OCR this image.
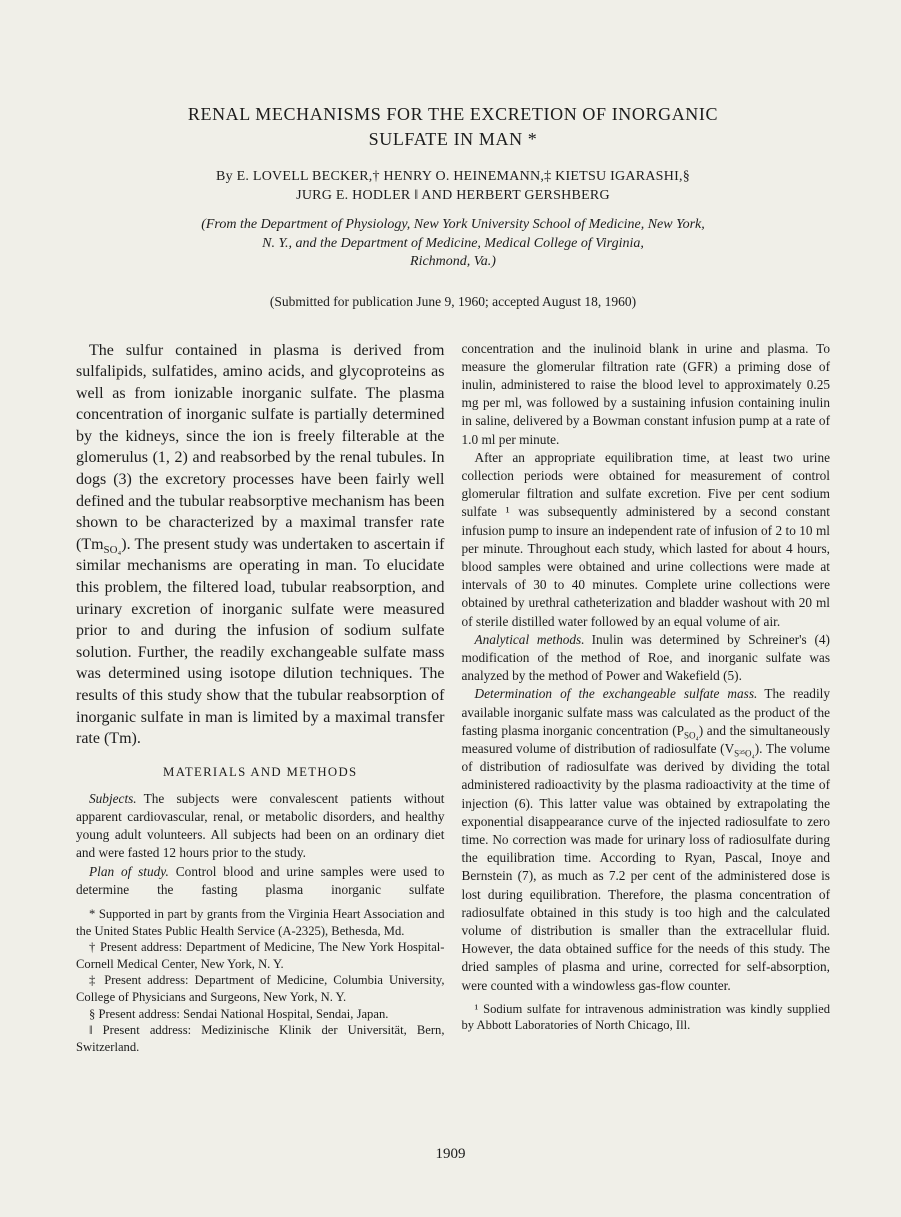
RENAL MECHANISMS FOR THE EXCRETION OF INORGANIC
SULFATE IN MAN *
By E. LOVELL BECKER,† HENRY O. HEINEMANN,‡ KIETSU IGARASHI,§
JURG E. HODLER ‖ AND HERBERT GERSHBERG
(From the Department of Physiology, New York University School of Medicine, New York,
N. Y., and the Department of Medicine, Medical College of Virginia,
Richmond, Va.)
(Submitted for publication June 9, 1960; accepted August 18, 1960)

The sulfur contained in plasma is derived from sulfalipids, sulfatides, amino acids, and glycoproteins as well as from ionizable inorganic sulfate. The plasma concentration of inorganic sulfate is partially determined by the kidneys, since the ion is freely filterable at the glomerulus (1, 2) and reabsorbed by the renal tubules. In dogs (3) the excretory processes have been fairly well defined and the tubular reabsorptive mechanism has been shown to be characterized by a maximal transfer rate $(Tm_{SO_4})$. The present study was undertaken to ascertain if similar mechanisms are operating in man. To elucidate this problem, the filtered load, tubular reabsorption, and urinary excretion of inorganic sulfate were measured prior to and during the infusion of sodium sulfate solution. Further, the readily exchangeable sulfate mass was determined using isotope dilution techniques. The results of this study show that the tubular reabsorption of inorganic sulfate in man is limited by a maximal transfer rate (Tm).

MATERIALS AND METHODS

Subjects. The subjects were convalescent patients without apparent cardiovascular, renal, or metabolic disorders, and healthy young adult volunteers. All subjects had been on an ordinary diet and were fasted 12 hours prior to the study.

Plan of study. Control blood and urine samples were used to determine the fasting plasma inorganic sulfate

* Supported in part by grants from the Virginia Heart Association and the United States Public Health Service (A-2325), Bethesda, Md.

† Present address: Department of Medicine, The New York Hospital-Cornell Medical Center, New York, N. Y.

‡ Present address: Department of Medicine, Columbia University, College of Physicians and Surgeons, New York, N. Y.

§ Present address: Sendai National Hospital, Sendai, Japan.

‖ Present address: Medizinische Klinik der Universität, Bern, Switzerland.

concentration and the inulinoid blank in urine and plasma. To measure the glomerular filtration rate (GFR) a priming dose of inulin, administered to raise the blood level to approximately 0.25 mg per ml, was followed by a sustaining infusion containing inulin in saline, delivered by a Bowman constant infusion pump at a rate of 1.0 ml per minute.

After an appropriate equilibration time, at least two urine collection periods were obtained for measurement of control glomerular filtration and sulfate excretion. Five per cent sodium sulfate ¹ was subsequently administered by a second constant infusion pump to insure an independent rate of infusion of 2 to 10 ml per minute. Throughout each study, which lasted for about 4 hours, blood samples were obtained and urine collections were made at intervals of 30 to 40 minutes. Complete urine collections were obtained by urethral catheterization and bladder washout with 20 ml of sterile distilled water followed by an equal volume of air.

Analytical methods. Inulin was determined by Schreiner's (4) modification of the method of Roe, and inorganic sulfate was analyzed by the method of Power and Wakefield (5).

Determination of the exchangeable sulfate mass. The readily available inorganic sulfate mass was calculated as the product of the fasting plasma inorganic concentration $(P_{SO_4})$ and the simultaneously measured volume of distribution of radiosulfate $(V_{S^{35}O_4})$. The volume of distribution of radiosulfate was derived by dividing the total administered radioactivity by the plasma radioactivity at the time of injection (6). This latter value was obtained by extrapolating the exponential disappearance curve of the injected radiosulfate to zero time. No correction was made for urinary loss of radiosulfate during the equilibration time. According to Ryan, Pascal, Inoye and Bernstein (7), as much as 7.2 per cent of the administered dose is lost during equilibration. Therefore, the plasma concentration of radiosulfate obtained in this study is too high and the calculated volume of distribution is smaller than the extracellular fluid. However, the data obtained suffice for the needs of this study. The dried samples of plasma and urine, corrected for self-absorption, were counted with a windowless gas-flow counter.

¹ Sodium sulfate for intravenous administration was kindly supplied by Abbott Laboratories of North Chicago, Ill.

1909
